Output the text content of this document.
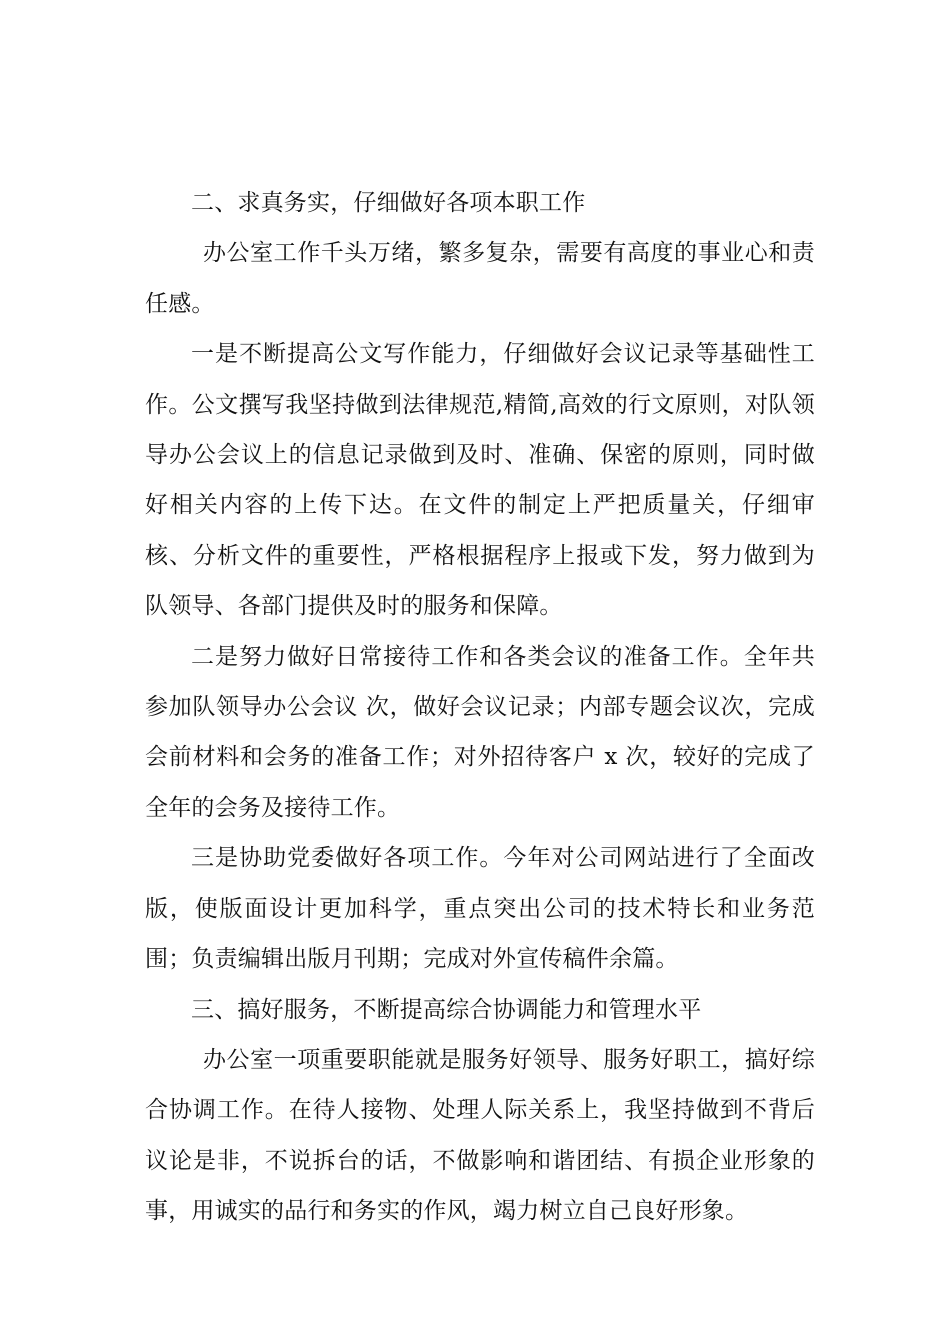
二、求真务实，仔细做好各项本职工作

办公室工作千头万绪，繁多复杂，需要有高度的事业心和责任感。

一是不断提高公文写作能力，仔细做好会议记录等基础性工作。公文撰写我坚持做到法律规范,精简,高效的行文原则，对队领导办公会议上的信息记录做到及时、准确、保密的原则，同时做好相关内容的上传下达。在文件的制定上严把质量关，仔细审核、分析文件的重要性，严格根据程序上报或下发，努力做到为队领导、各部门提供及时的服务和保障。

二是努力做好日常接待工作和各类会议的准备工作。全年共参加队领导办公会议 次，做好会议记录；内部专题会议次，完成会前材料和会务的准备工作；对外招待客户 x 次，较好的完成了全年的会务及接待工作。

三是协助党委做好各项工作。今年对公司网站进行了全面改版，使版面设计更加科学，重点突出公司的技术特长和业务范围；负责编辑出版月刊期；完成对外宣传稿件余篇。

三、搞好服务，不断提高综合协调能力和管理水平

办公室一项重要职能就是服务好领导、服务好职工，搞好综合协调工作。在待人接物、处理人际关系上，我坚持做到不背后议论是非，不说拆台的话，不做影响和谐团结、有损企业形象的事，用诚实的品行和务实的作风，竭力树立自己良好形象。
